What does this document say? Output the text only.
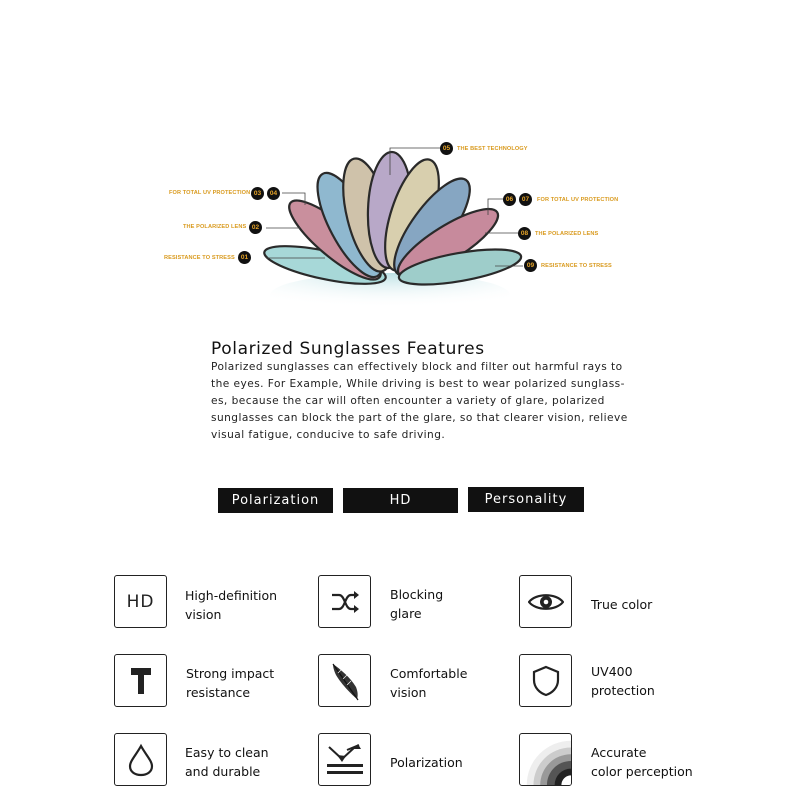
RESISTANCE TO STRESS 01
THE POLARIZED LENS 02
FOR TOTAL UV PROTECTION 03	04
05	THE BEST TECHNOLOGY
06	07	FOR TOTAL UV PROTECTION
08	THE POLARIZED LENS
09	RESISTANCE TO STRESS
Polarized Sunglasses Features
Polarized sunglasses can effectively block and filter out harmful rays to
the eyes. For Example, While driving is best to wear polarized sunglass-
es, because the car will often encounter a variety of glare, polarized
sunglasses can block the part of the glare, so that clearer vision, relieve
visual fatigue, conducive to safe driving.
Polarization	HD	Personality
HD High-definition
vision
Blocking
glare
True color
Strong impact
resistance
Comfortable
vision
UV400
protection
Easy to clean
and durable
Polarization
Accurate
color perception
